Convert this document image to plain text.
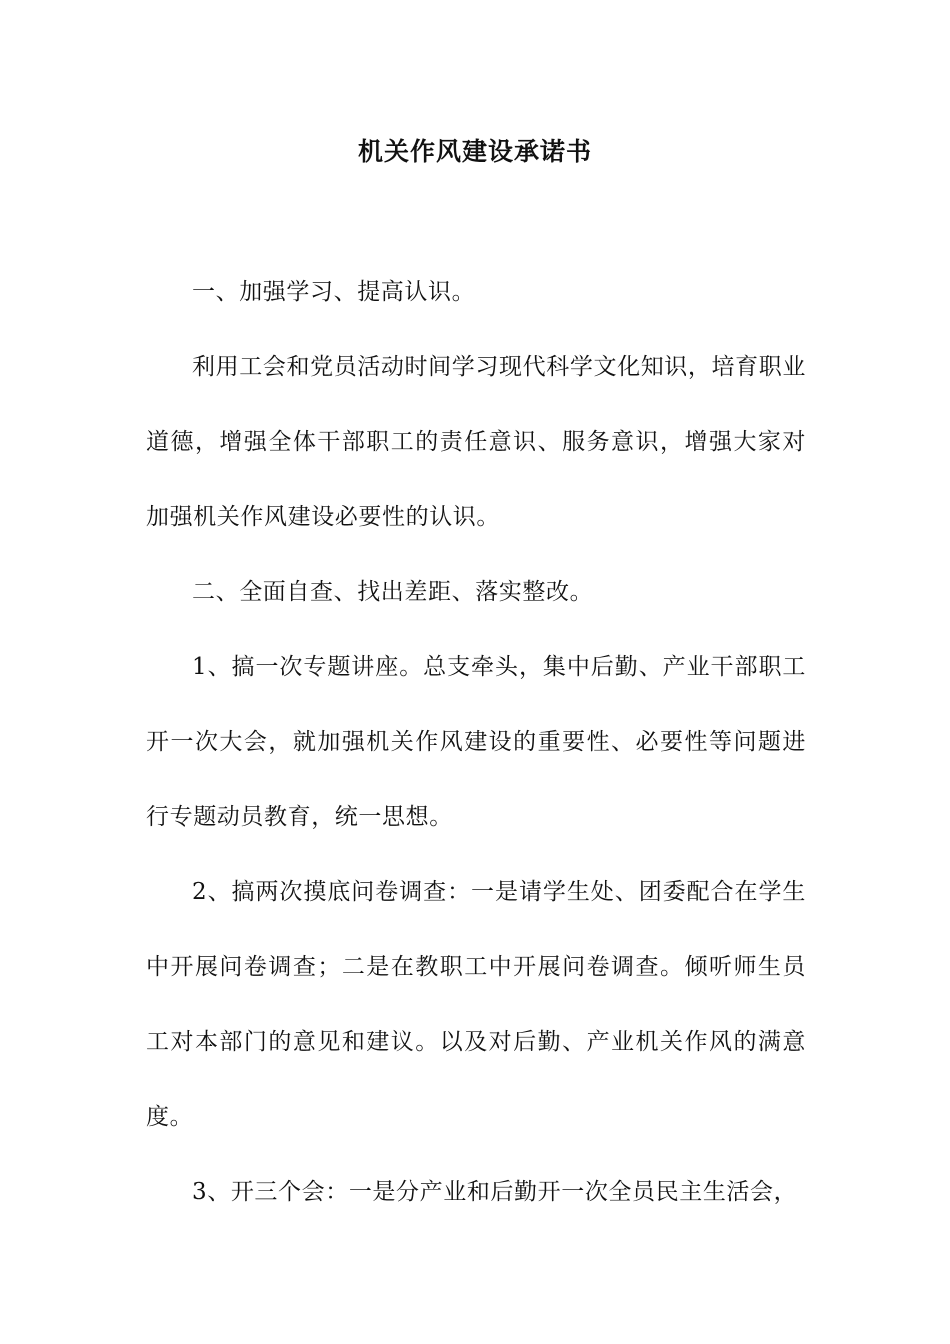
机关作风建设承诺书

一、加强学习、提高认识。

利用工会和党员活动时间学习现代科学文化知识，培育职业道德，增强全体干部职工的责任意识、服务意识，增强大家对加强机关作风建设必要性的认识。

二、全面自查、找出差距、落实整改。

1、搞一次专题讲座。总支牵头，集中后勤、产业干部职工开一次大会，就加强机关作风建设的重要性、必要性等问题进行专题动员教育，统一思想。

2、搞两次摸底问卷调查：一是请学生处、团委配合在学生中开展问卷调查；二是在教职工中开展问卷调查。倾听师生员工对本部门的意见和建议。以及对后勤、产业机关作风的满意度。

3、开三个会：一是分产业和后勤开一次全员民主生活会，
